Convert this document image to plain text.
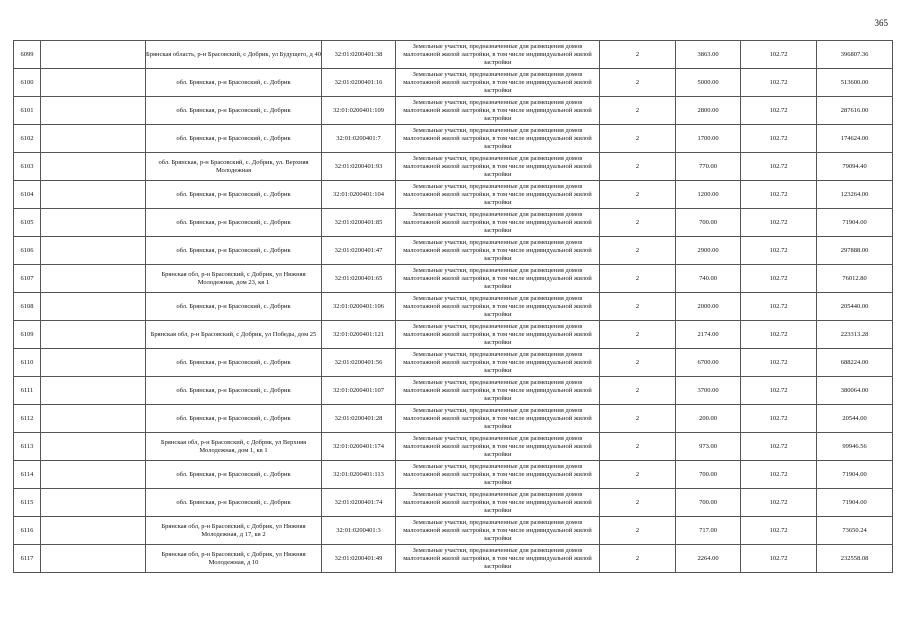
365
6099		Брянская область, р-н Брасовский, с Добрик, ул Будущего, д 40	32:01:0200401:38	Земельные участки, предназначенные для размещения домов малоэтажной жилой застройки, в том числе индивидуальной жилой застройки	2	3863.00	102.72	396807.36
6100		обл. Брянская, р-н Брасовский, с. Добрик	32:01:0200401:16	Земельные участки, предназначенные для размещения домов малоэтажной жилой застройки, в том числе индивидуальной жилой застройки	2	5000.00	102.72	513600.00
6101		обл. Брянская, р-н Брасовский, с. Добрик	32:01:0200401:109	Земельные участки, предназначенные для размещения домов малоэтажной жилой застройки, в том числе индивидуальной жилой застройки	2	2800.00	102.72	287616.00
6102		обл. Брянская, р-н Брасовский, с. Добрик	32:01:0200401:7	Земельные участки, предназначенные для размещения домов малоэтажной жилой застройки, в том числе индивидуальной жилой застройки	2	1700.00	102.72	174624.00
6103		обл. Брянская, р-н Брасовский, с. Добрик, ул. Верхняя Молодежная	32:01:0200401:93	Земельные участки, предназначенные для размещения домов малоэтажной жилой застройки, в том числе индивидуальной жилой застройки	2	770.00	102.72	79094.40
6104		обл. Брянская, р-н Брасовский, с. Добрик	32:01:0200401:104	Земельные участки, предназначенные для размещения домов малоэтажной жилой застройки, в том числе индивидуальной жилой застройки	2	1200.00	102.72	123264.00
6105		обл. Брянская, р-н Брасовский, с. Добрик	32:01:0200401:85	Земельные участки, предназначенные для размещения домов малоэтажной жилой застройки, в том числе индивидуальной жилой застройки	2	700.00	102.72	71904.00
6106		обл. Брянская, р-н Брасовский, с. Добрик	32:01:0200401:47	Земельные участки, предназначенные для размещения домов малоэтажной жилой застройки, в том числе индивидуальной жилой застройки	2	2900.00	102.72	297888.00
6107		Брянская обл, р-н Брасовский, с Добрик, ул Нижняя Молодежная, дом 23, кв 1	32:01:0200401:65	Земельные участки, предназначенные для размещения домов малоэтажной жилой застройки, в том числе индивидуальной жилой застройки	2	740.00	102.72	76012.80
6108		обл. Брянская, р-н Брасовский, с. Добрик	32:01:0200401:106	Земельные участки, предназначенные для размещения домов малоэтажной жилой застройки, в том числе индивидуальной жилой застройки	2	2000.00	102.72	205440.00
6109		Брянская обл, р-н Брасовский, с Добрик, ул Победы, дом 25	32:01:0200401:121	Земельные участки, предназначенные для размещения домов малоэтажной жилой застройки, в том числе индивидуальной жилой застройки	2	2174.00	102.72	223313.28
6110		обл. Брянская, р-н Брасовский, с. Добрик	32:01:0200401:56	Земельные участки, предназначенные для размещения домов малоэтажной жилой застройки, в том числе индивидуальной жилой застройки	2	6700.00	102.72	688224.00
6111		обл. Брянская, р-н Брасовский, с. Добрик	32:01:0200401:107	Земельные участки, предназначенные для размещения домов малоэтажной жилой застройки, в том числе индивидуальной жилой застройки	2	3700.00	102.72	380064.00
6112		обл. Брянская, р-н Брасовский, с. Добрик	32:01:0200401:28	Земельные участки, предназначенные для размещения домов малоэтажной жилой застройки, в том числе индивидуальной жилой застройки	2	200.00	102.72	20544.00
6113		Брянская обл, р-н Брасовский, с Добрик, ул Верхняя Молодежная, дом 1, кв 1	32:01:0200401:174	Земельные участки, предназначенные для размещения домов малоэтажной жилой застройки, в том числе индивидуальной жилой застройки	2	973.00	102.72	99946.56
6114		обл. Брянская, р-н Брасовский, с. Добрик	32:01:0200401:113	Земельные участки, предназначенные для размещения домов малоэтажной жилой застройки, в том числе индивидуальной жилой застройки	2	700.00	102.72	71904.00
6115		обл. Брянская, р-н Брасовский, с. Добрик	32:01:0200401:74	Земельные участки, предназначенные для размещения домов малоэтажной жилой застройки, в том числе индивидуальной жилой застройки	2	700.00	102.72	71904.00
6116		Брянская обл, р-н Брасовский, с Добрик, ул Нижняя Молодежная, д 17, кв 2	32:01:0200401:3	Земельные участки, предназначенные для размещения домов малоэтажной жилой застройки, в том числе индивидуальной жилой застройки	2	717.00	102.72	73650.24
6117		Брянская обл, р-н Брасовский, с Добрик, ул Нижняя Молодежная, д 10	32:01:0200401:49	Земельные участки, предназначенные для размещения домов малоэтажной жилой застройки, в том числе индивидуальной жилой застройки	2	2264.00	102.72	232558.08
